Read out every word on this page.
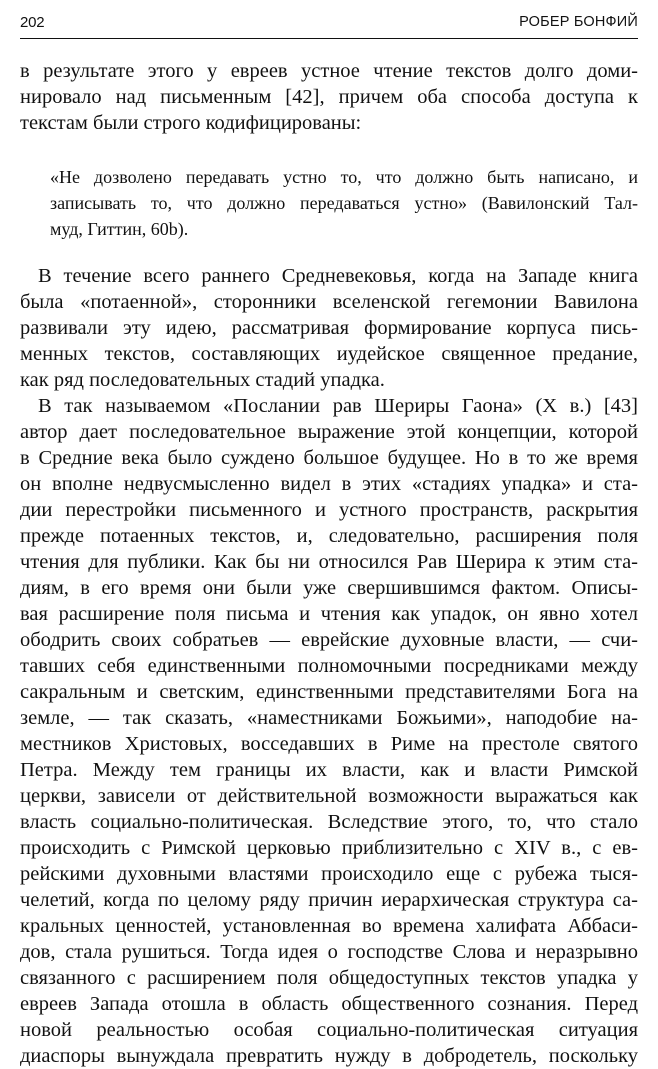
202	РОБЕР БОНФИЙ
в результате этого у евреев устное чтение текстов долго доми-
нировало над письменным [42], причем оба способа доступа к
текстам были строго кодифицированы:
«Не дозволено передавать устно то, что должно быть написано, и
записывать то, что должно передаваться устно» (Вавилонский Тал-
муд, Гиттин, 60b).
В течение всего раннего Средневековья, когда на Западе книга
была «потаенной», сторонники вселенской гегемонии Вавилона
развивали эту идею, рассматривая формирование корпуса пись-
менных текстов, составляющих иудейское священное предание,
как ряд последовательных стадий упадка.
В так называемом «Послании рав Шериры Гаона» (X в.) [43]
автор дает последовательное выражение этой концепции, которой
в Средние века было суждено большое будущее. Но в то же время
он вполне недвусмысленно видел в этих «стадиях упадка» и ста-
дии перестройки письменного и устного пространств, раскрытия
прежде потаенных текстов, и, следовательно, расширения поля
чтения для публики. Как бы ни относился Рав Шерира к этим ста-
диям, в его время они были уже свершившимся фактом. Описы-
вая расширение поля письма и чтения как упадок, он явно хотел
ободрить своих собратьев — еврейские духовные власти, — счи-
тавших себя единственными полномочными посредниками между
сакральным и светским, единственными представителями Бога на
земле, — так сказать, «наместниками Божьими», наподобие на-
местников Христовых, восседавших в Риме на престоле святого
Петра. Между тем границы их власти, как и власти Римской
церкви, зависели от действительной возможности выражаться как
власть социально-политическая. Вследствие этого, то, что стало
происходить с Римской церковью приблизительно с XIV в., с ев-
рейскими духовными властями происходило еще с рубежа тыся-
челетий, когда по целому ряду причин иерархическая структура са-
кральных ценностей, установленная во времена халифата Аббаси-
дов, стала рушиться. Тогда идея о господстве Слова и неразрывно
связанного с расширением поля общедоступных текстов упадка у
евреев Запада отошла в область общественного сознания. Перед
новой реальностью особая социально-политическая ситуация
диаспоры вынуждала превратить нужду в добродетель, поскольку
